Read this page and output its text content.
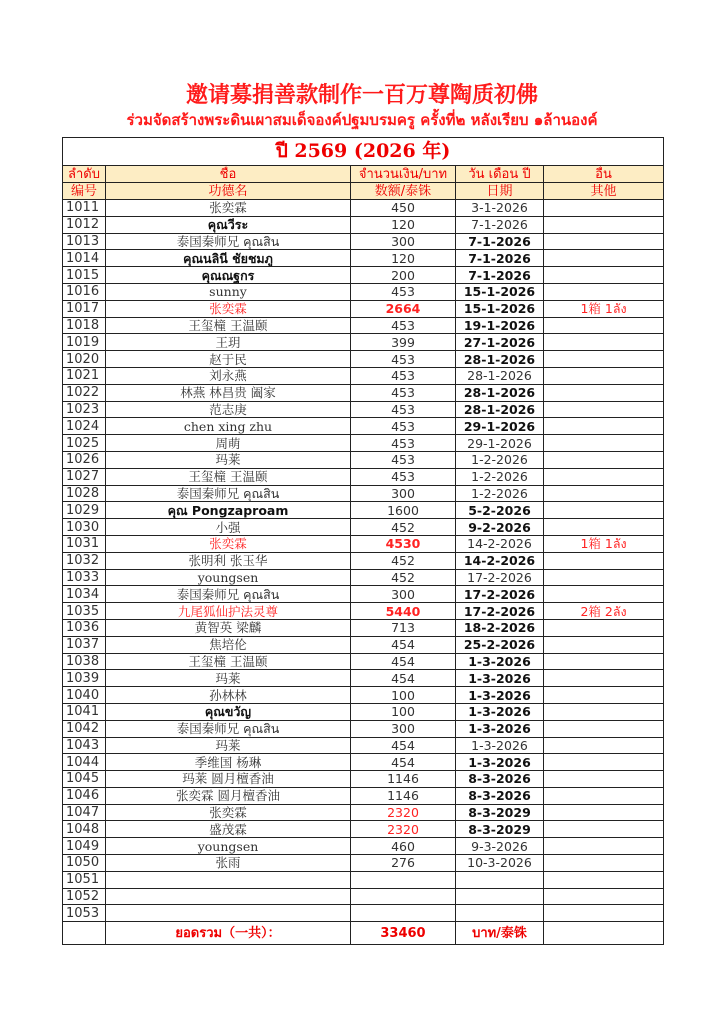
邀请募捐善款制作一百万尊陶质初佛
ร่วมจัดสร้างพระดินเผาสมเด็จองค์ปฐมบรมครู ครั้งที่๒ หลังเรียบ ๑ล้านองค์
ปี 2569 (2026 年)				
ลำดับ	ชื่อ	จำนวนเงิน/บาท	วัน เดือน ปี	อื่น
编号	功德名	数额/泰铢	日期	其他
1011	张奕霖	450	3-1-2026	
1012	คุณวีระ	120	7-1-2026	
1013	泰国秦师兄 คุณสิน	300	7-1-2026	
1014	คุณนลินี ชัยชมภู	120	7-1-2026	
1015	คุณณฐกร	200	7-1-2026	
1016	sunny	453	15-1-2026	
1017	张奕霖	2664	15-1-2026	1箱 1ลัง
1018	王玺橦 王温颐	453	19-1-2026	
1019	王玥	399	27-1-2026	
1020	赵于民	453	28-1-2026	
1021	刘永燕	453	28-1-2026	
1022	林燕 林昌贵 阖家	453	28-1-2026	
1023	范志庚	453	28-1-2026	
1024	chen xing zhu	453	29-1-2026	
1025	周萌	453	29-1-2026	
1026	玛莱	453	1-2-2026	
1027	王玺橦 王温颐	453	1-2-2026	
1028	泰国秦师兄 คุณสิน	300	1-2-2026	
1029	คุณ Pongzaproam	1600	5-2-2026	
1030	小强	452	9-2-2026	
1031	张奕霖	4530	14-2-2026	1箱 1ลัง
1032	张明利 张玉华	452	14-2-2026	
1033	youngsen	452	17-2-2026	
1034	泰国秦师兄 คุณสิน	300	17-2-2026	
1035	九尾狐仙护法灵尊	5440	17-2-2026	2箱 2ลัง
1036	黄智英 梁麟	713	18-2-2026	
1037	焦培伦	454	25-2-2026	
1038	王玺橦 王温颐	454	1-3-2026	
1039	玛莱	454	1-3-2026	
1040	孙林林	100	1-3-2026	
1041	คุณขวัญ	100	1-3-2026	
1042	泰国秦师兄 คุณสิน	300	1-3-2026	
1043	玛莱	454	1-3-2026	
1044	季维国 杨琳	454	1-3-2026	
1045	玛莱 圆月檀香油	1146	8-3-2026	
1046	张奕霖 圆月檀香油	1146	8-3-2026	
1047	张奕霖	2320	8-3-2029	
1048	盛茂霖	2320	8-3-2029	
1049	youngsen	460	9-3-2026	
1050	张雨	276	10-3-2026	
1051				
1052				
1053				
	ยอดรวม（一共）：	33460	บาท/泰铢	
